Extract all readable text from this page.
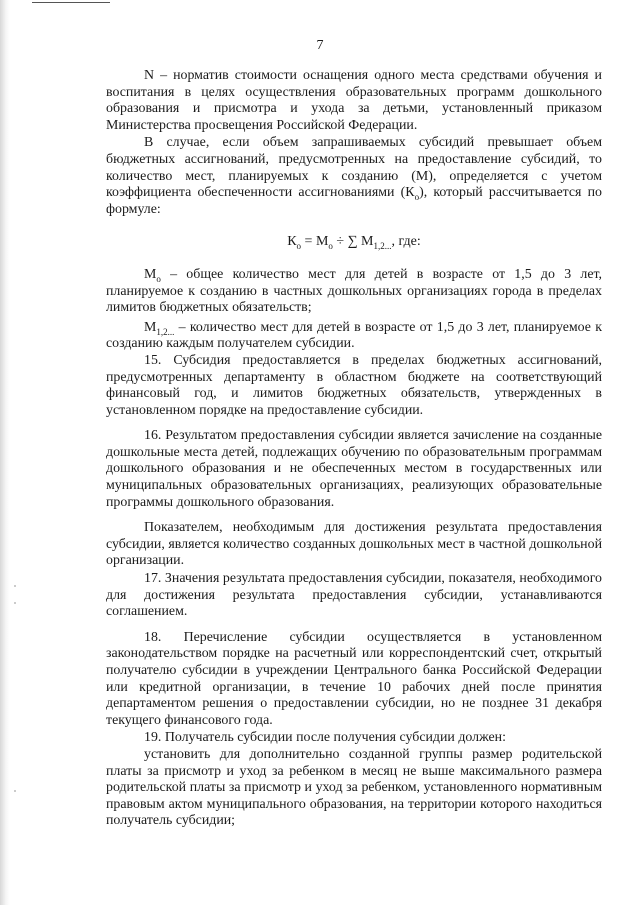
7

N – норматив стоимости оснащения одного места средствами обучения и воспитания в целях осуществления образовательных программ дошкольного образования и присмотра и ухода за детьми, установленный приказом Министерства просвещения Российской Федерации.

В случае, если объем запрашиваемых субсидий превышает объем бюджетных ассигнований, предусмотренных на предоставление субсидий, то количество мест, планируемых к созданию (М), определяется с учетом коэффициента обеспеченности ассигнованиями $(К_о)$, который рассчитывается по формуле:

$К_о = М_о$ ÷ ∑ $М_{1,2...}$, где:

$М_о$ – общее количество мест для детей в возрасте от 1,5 до 3 лет, планируемое к созданию в частных дошкольных организациях города в пределах лимитов бюджетных обязательств;

$М_{1,2...}$ – количество мест для детей в возрасте от 1,5 до 3 лет, планируемое к созданию каждым получателем субсидии.

15. Субсидия предоставляется в пределах бюджетных ассигнований, предусмотренных департаменту в областном бюджете на соответствующий финансовый год, и лимитов бюджетных обязательств, утвержденных в установленном порядке на предоставление субсидии.

16. Результатом предоставления субсидии является зачисление на созданные дошкольные места детей, подлежащих обучению по образовательным программам дошкольного образования и не обеспеченных местом в государственных или муниципальных образовательных организациях, реализующих образовательные программы дошкольного образования.

Показателем, необходимым для достижения результата предоставления субсидии, является количество созданных дошкольных мест в частной дошкольной организации.

17. Значения результата предоставления субсидии, показателя, необходимого для достижения результата предоставления субсидии, устанавливаются соглашением.

18. Перечисление субсидии осуществляется в установленном законодательством порядке на расчетный или корреспондентский счет, открытый получателю субсидии в учреждении Центрального банка Российской Федерации или кредитной организации, в течение 10 рабочих дней после принятия департаментом решения о предоставлении субсидии, но не позднее 31 декабря текущего финансового года.

19. Получатель субсидии после получения субсидии должен:

установить для дополнительно созданной группы размер родительской платы за присмотр и уход за ребенком в месяц не выше максимального размера родительской платы за присмотр и уход за ребенком, установленного нормативным правовым актом муниципального образования, на территории которого находиться получатель субсидии;
